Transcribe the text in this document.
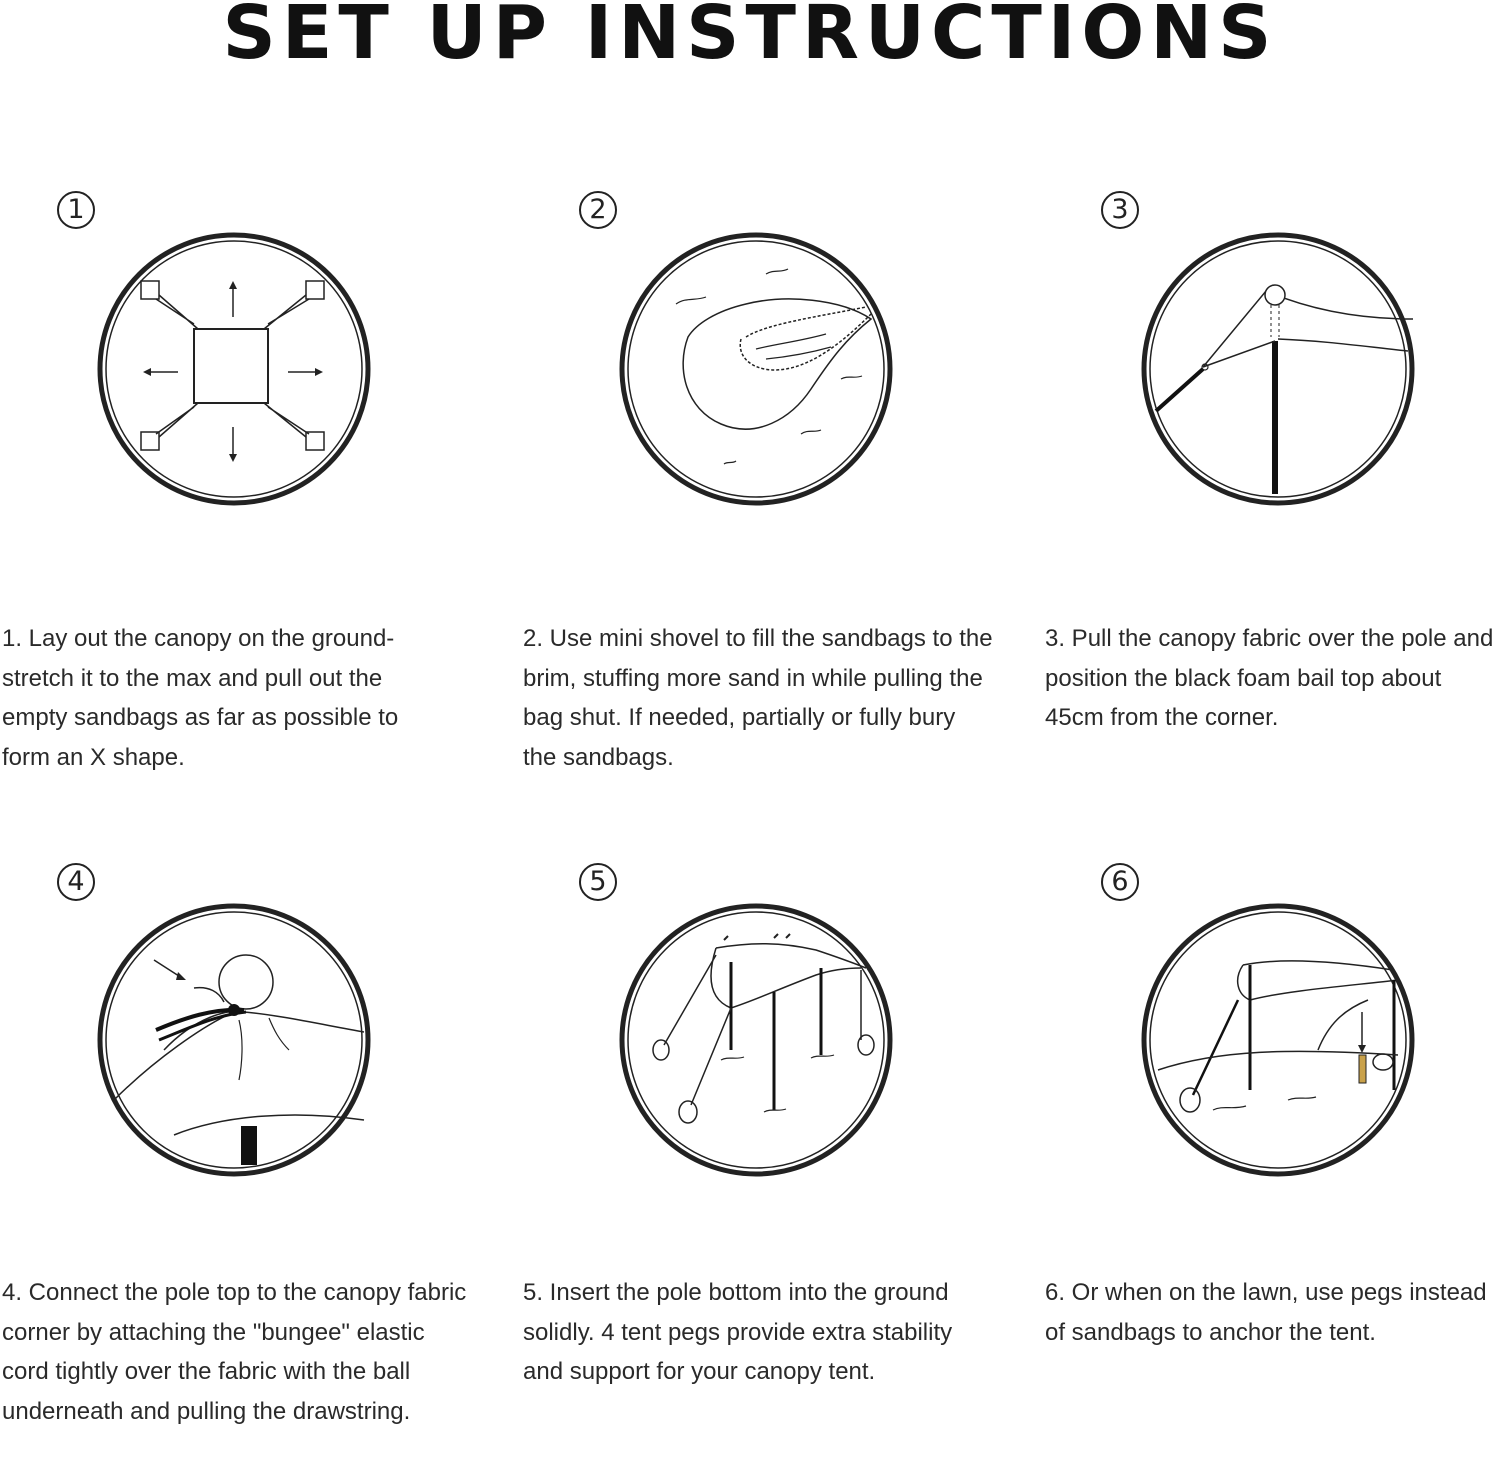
SET UP INSTRUCTIONS
1

1. Lay out the canopy on the ground-stretch it to the max and pull out the empty sandbags as far as possible to form an X shape.

2

2. Use mini shovel to fill the sandbags to the brim, stuffing more sand in while pulling the bag shut. If needed, partially or fully bury the sandbags.

3

3. Pull the canopy fabric over the pole and position the black foam bail top about 45cm from the corner.

4

4. Connect the pole top to the canopy fabric corner by attaching the "bungee" elastic cord tightly over the fabric with the ball underneath and pulling the drawstring.

5

5. Insert the pole bottom into the ground solidly. 4 tent pegs provide extra stability and support for your canopy tent.

6

6. Or when on the lawn, use pegs instead of sandbags to anchor the tent.
